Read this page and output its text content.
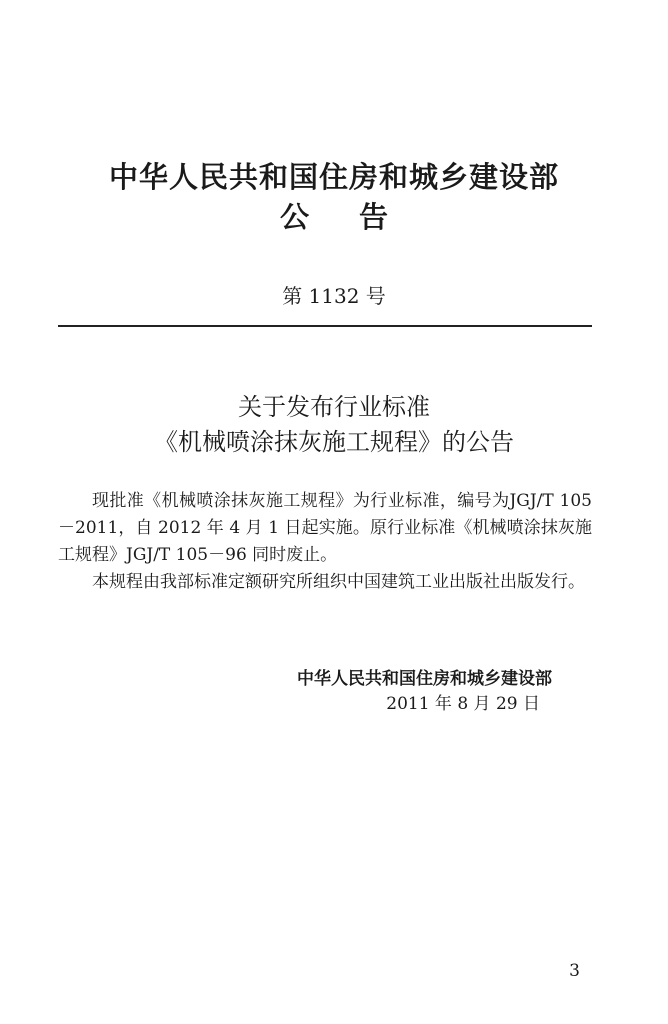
中华人民共和国住房和城乡建设部
公告
第 1132 号
关于发布行业标准
《机械喷涂抹灰施工规程》的公告

现批准《机械喷涂抹灰施工规程》为行业标准，编号为JGJ/T 105－2011，自 2012 年 4 月 1 日起实施。原行业标准《机械喷涂抹灰施工规程》JGJ/T 105－96 同时废止。

本规程由我部标准定额研究所组织中国建筑工业出版社出版发行。

中华人民共和国住房和城乡建设部
2011 年 8 月 29 日
3
